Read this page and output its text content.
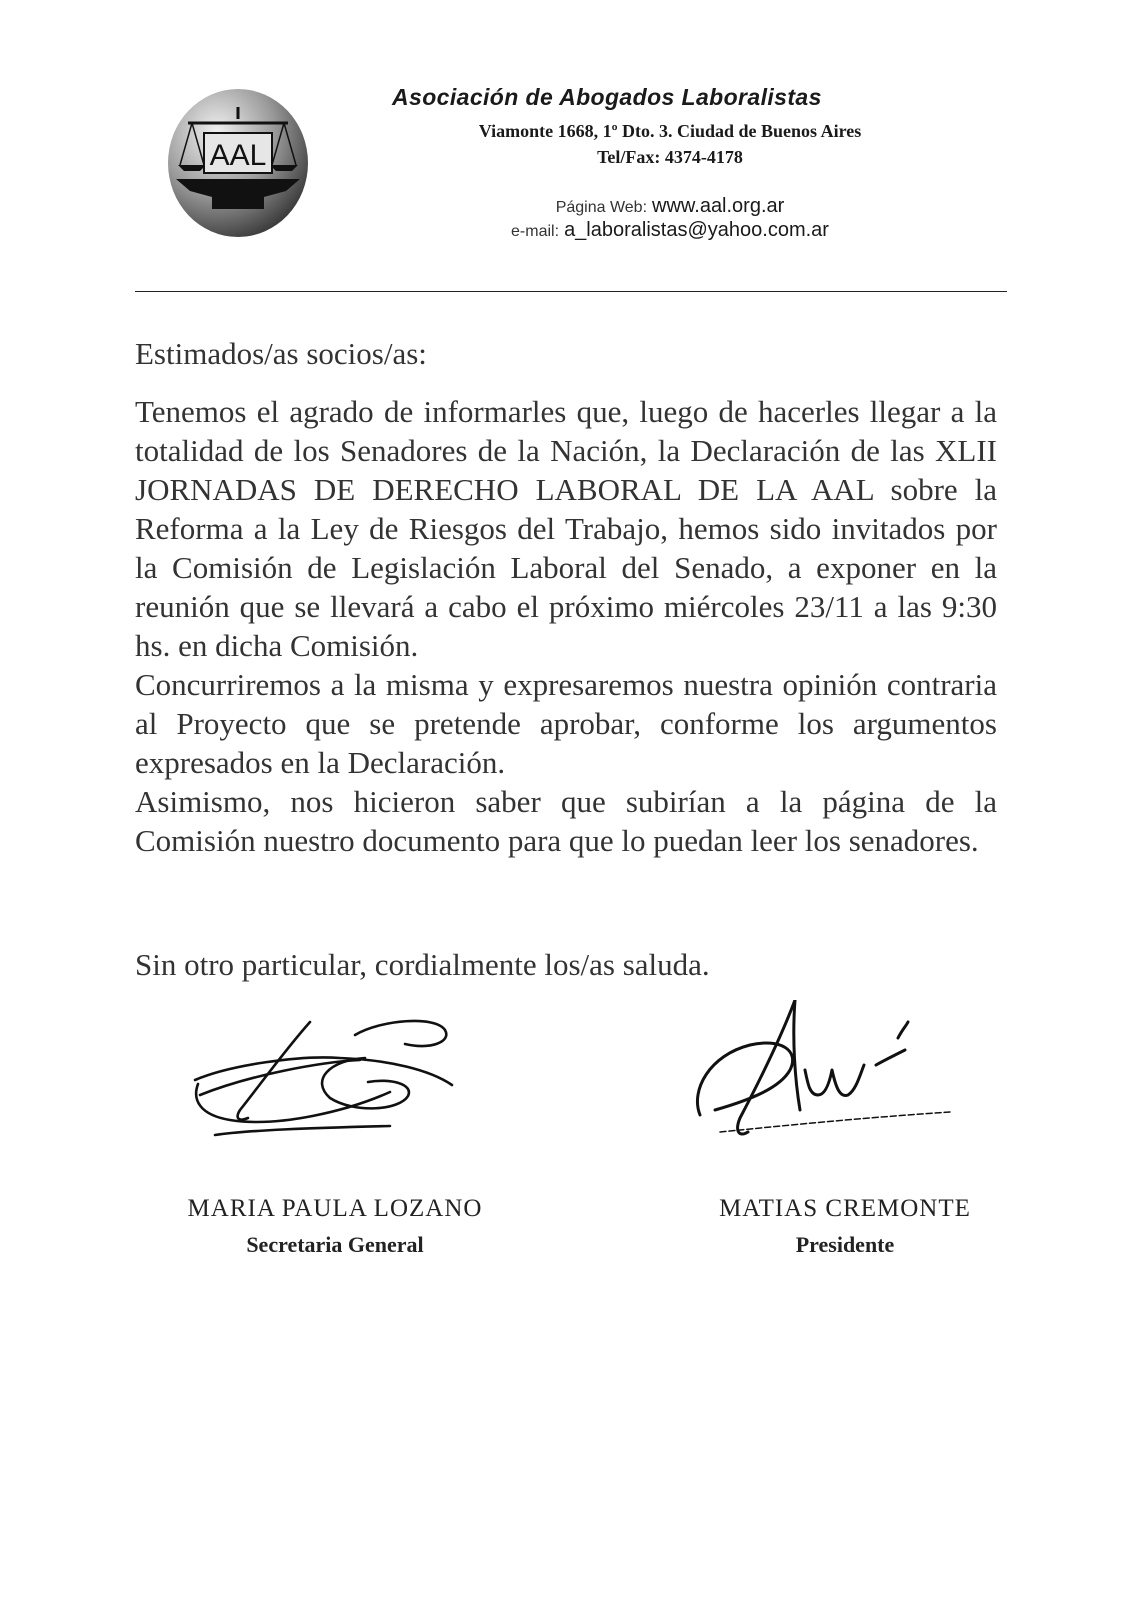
AAL
Asociación de Abogados Laboralistas
Viamonte 1668, 1º Dto. 3. Ciudad de Buenos Aires
Tel/Fax: 4374-4178
Página Web: www.aal.org.ar
e-mail: a_laboralistas@yahoo.com.ar
Estimados/as socios/as:

Tenemos el agrado de informarles que, luego de hacerles llegar a la totalidad de los Senadores de la Nación, la Declaración de las XLII JORNADAS DE DERECHO LABORAL DE LA AAL sobre la Reforma a la Ley de Riesgos del Trabajo, hemos sido invitados por la Comisión de Legislación Laboral del Senado, a exponer en la reunión que se llevará a cabo el próximo miércoles 23/11 a las 9:30 hs. en dicha Comisión.

Concurriremos a la misma y expresaremos nuestra opinión contraria al Proyecto que se pretende aprobar, conforme los argumentos expresados en la Declaración.

Asimismo, nos hicieron saber que subirían a la página de la Comisión nuestro documento para que lo puedan leer los senadores.

Sin otro particular, cordialmente los/as saluda.
MARIA PAULA LOZANO
Secretaria General
MATIAS CREMONTE
Presidente
